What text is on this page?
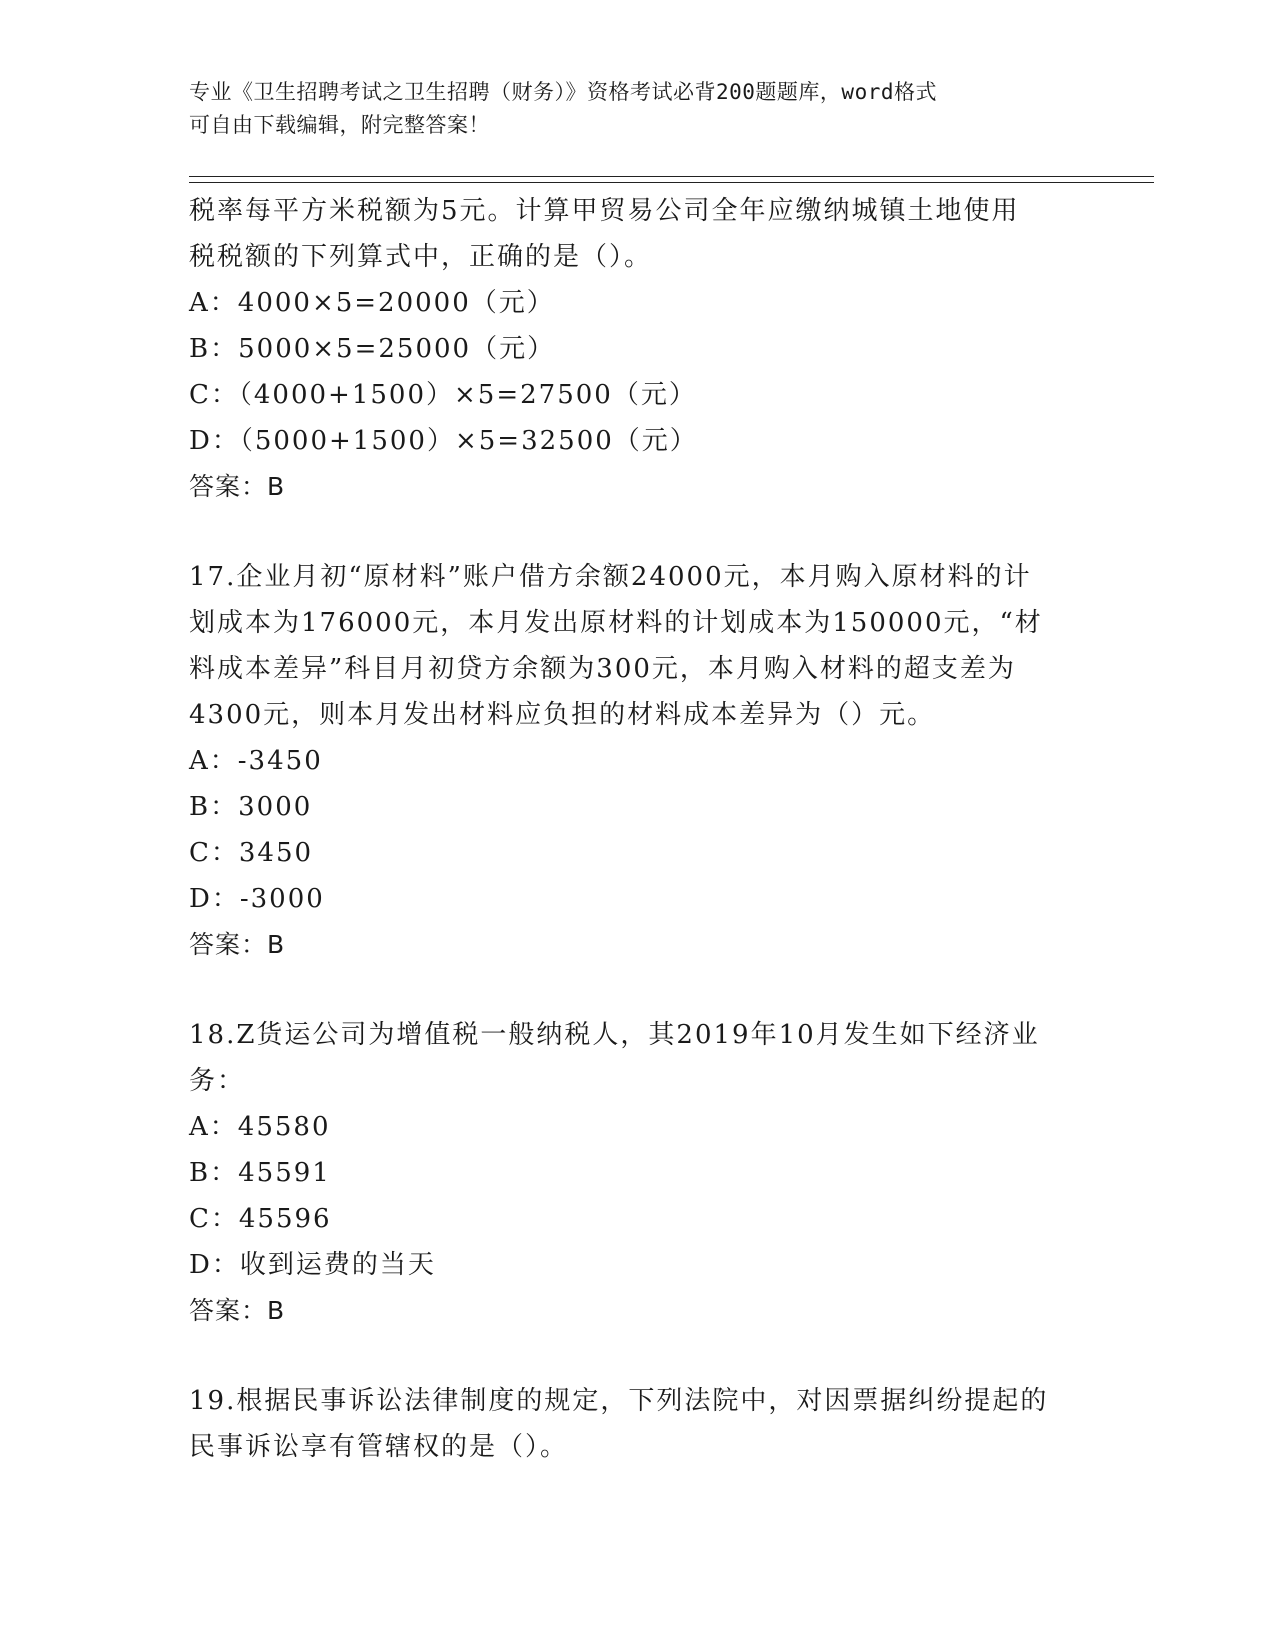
专业《卫生招聘考试之卫生招聘（财务）》资格考试必背200题题库，word格式
可自由下载编辑，附完整答案！
税率每平方米税额为5元。计算甲贸易公司全年应缴纳城镇土地使用
税税额的下列算式中，正确的是（）。
A：4000×5=20000（元）
B：5000×5=25000（元）
C：（4000+1500）×5=27500（元）
D：（5000+1500）×5=32500（元）
答案：B
17.企业月初“原材料”账户借方余额24000元，本月购入原材料的计
划成本为176000元，本月发出原材料的计划成本为150000元，“材
料成本差异”科目月初贷方余额为300元，本月购入材料的超支差为
4300元，则本月发出材料应负担的材料成本差异为（）元。
A：-3450
B：3000
C：3450
D：-3000
答案：B
18.Z货运公司为增值税一般纳税人，其2019年10月发生如下经济业
务：
A：45580
B：45591
C：45596
D：收到运费的当天
答案：B
19.根据民事诉讼法律制度的规定，下列法院中，对因票据纠纷提起的
民事诉讼享有管辖权的是（）。
